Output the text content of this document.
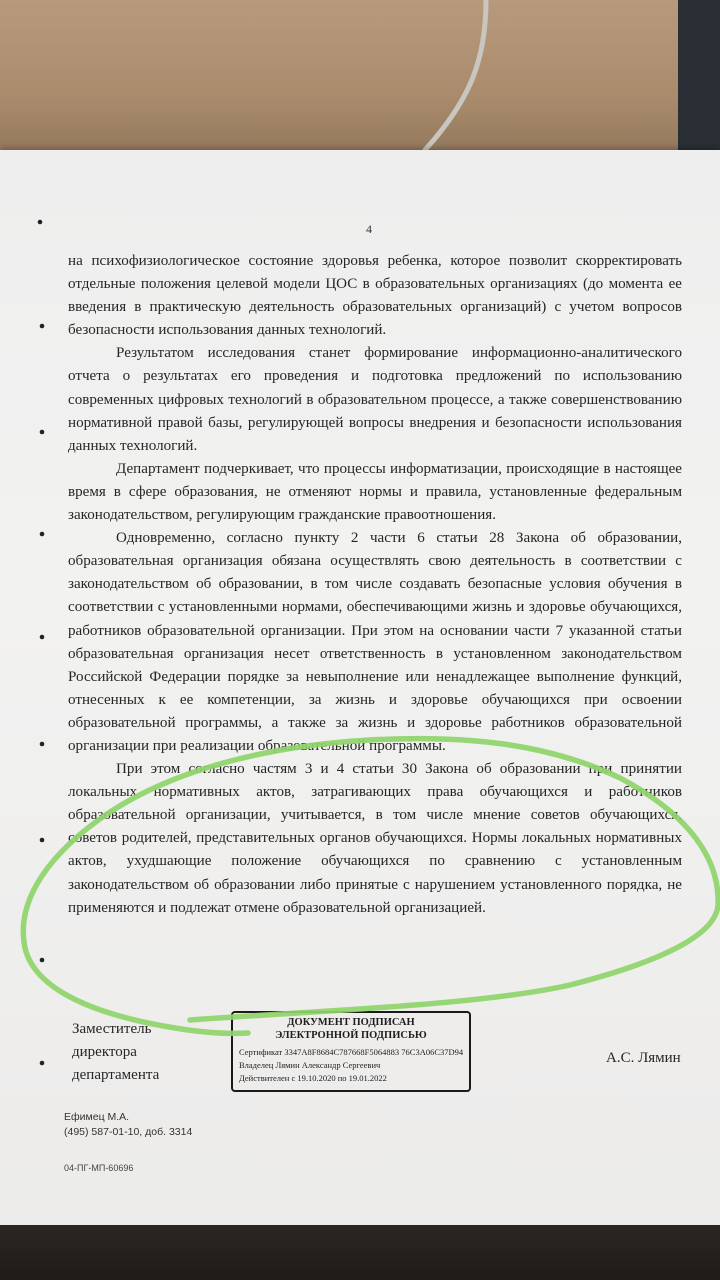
4

на психофизиологическое состояние здоровья ребенка, которое позволит скорректировать отдельные положения целевой модели ЦОС в образовательных организациях (до момента ее введения в практическую деятельность образовательных организаций) с учетом вопросов безопасности использования данных технологий.

Результатом исследования станет формирование информационно-аналитического отчета о результатах его проведения и подготовка предложений по использованию современных цифровых технологий в образовательном процессе, а также совершенствованию нормативной правой базы, регулирующей вопросы внедрения и безопасности использования данных технологий.

Департамент подчеркивает, что процессы информатизации, происходящие в настоящее время в сфере образования, не отменяют нормы и правила, установленные федеральным законодательством, регулирующим гражданские правоотношения.

Одновременно, согласно пункту 2 части 6 статьи 28 Закона об образовании, образовательная организация обязана осуществлять свою деятельность в соответствии с законодательством об образовании, в том числе создавать безопасные условия обучения в соответствии с установленными нормами, обеспечивающими жизнь и здоровье обучающихся, работников образовательной организации. При этом на основании части 7 указанной статьи образовательная организация несет ответственность в установленном законодательством Российской Федерации порядке за невыполнение или ненадлежащее выполнение функций, отнесенных к ее компетенции, за жизнь и здоровье обучающихся при освоении образовательной программы, а также за жизнь и здоровье работников образовательной организации при реализации образовательной программы.

При этом согласно частям 3 и 4 статьи 30 Закона об образовании при принятии локальных нормативных актов, затрагивающих права обучающихся и работников образовательной организации, учитывается, в том числе мнение советов обучающихся, советов родителей, представительных органов обучающихся. Нормы локальных нормативных актов, ухудшающие положение обучающихся по сравнению с установленным законодательством об образовании либо принятые с нарушением установленного порядка, не применяются и подлежат отмене образовательной организацией.

Заместитель
директора
департамента
ДОКУМЕНТ ПОДПИСАН
ЭЛЕКТРОННОЙ ПОДПИСЬЮ
Сертификат 3347A8F8684C787668F5064883 76C3A06C37D94
Владелец Лямин Александр Сергеевич
Действителен с 19.10.2020 по 19.01.2022
А.С. Лямин
Ефимец М.А.
(495) 587-01-10, доб. 3314
04-ПГ-МП-60696
